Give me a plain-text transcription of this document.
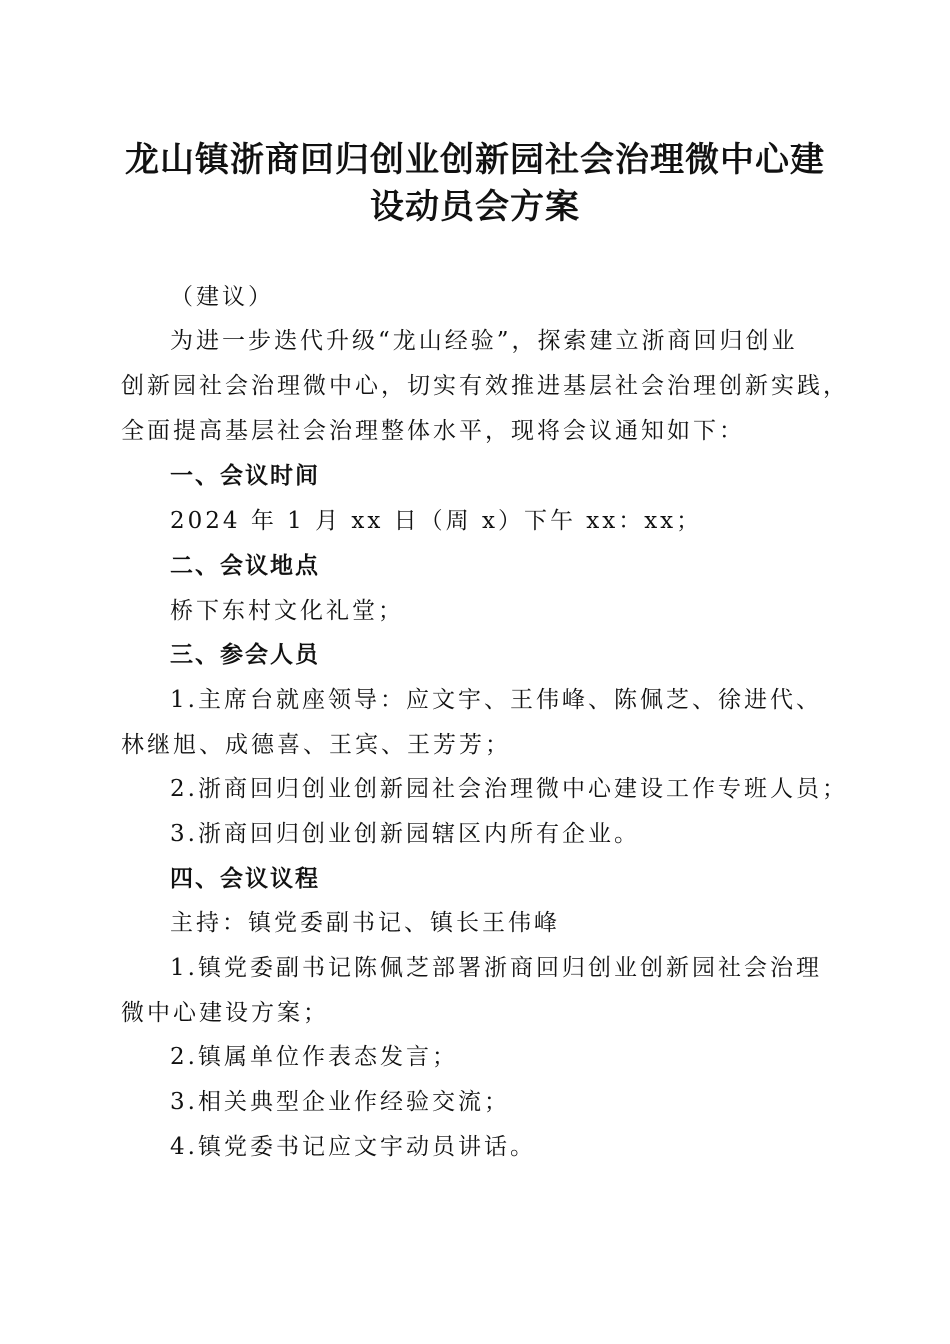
龙山镇浙商回归创业创新园社会治理微中心建
设动员会方案
（建议）
为进一步迭代升级“龙山经验”，探索建立浙商回归创业
创新园社会治理微中心，切实有效推进基层社会治理创新实践，
全面提高基层社会治理整体水平，现将会议通知如下：
一、会议时间
2024 年 1 月 xx 日（周 x）下午 xx：xx；
二、会议地点
桥下东村文化礼堂；
三、参会人员
1.主席台就座领导：应文宇、王伟峰、陈佩芝、徐进代、
林继旭、成德喜、王宾、王芳芳；
2.浙商回归创业创新园社会治理微中心建设工作专班人员；
3.浙商回归创业创新园辖区内所有企业。
四、会议议程
主持：镇党委副书记、镇长王伟峰
1.镇党委副书记陈佩芝部署浙商回归创业创新园社会治理
微中心建设方案；
2.镇属单位作表态发言；
3.相关典型企业作经验交流；
4.镇党委书记应文宇动员讲话。
